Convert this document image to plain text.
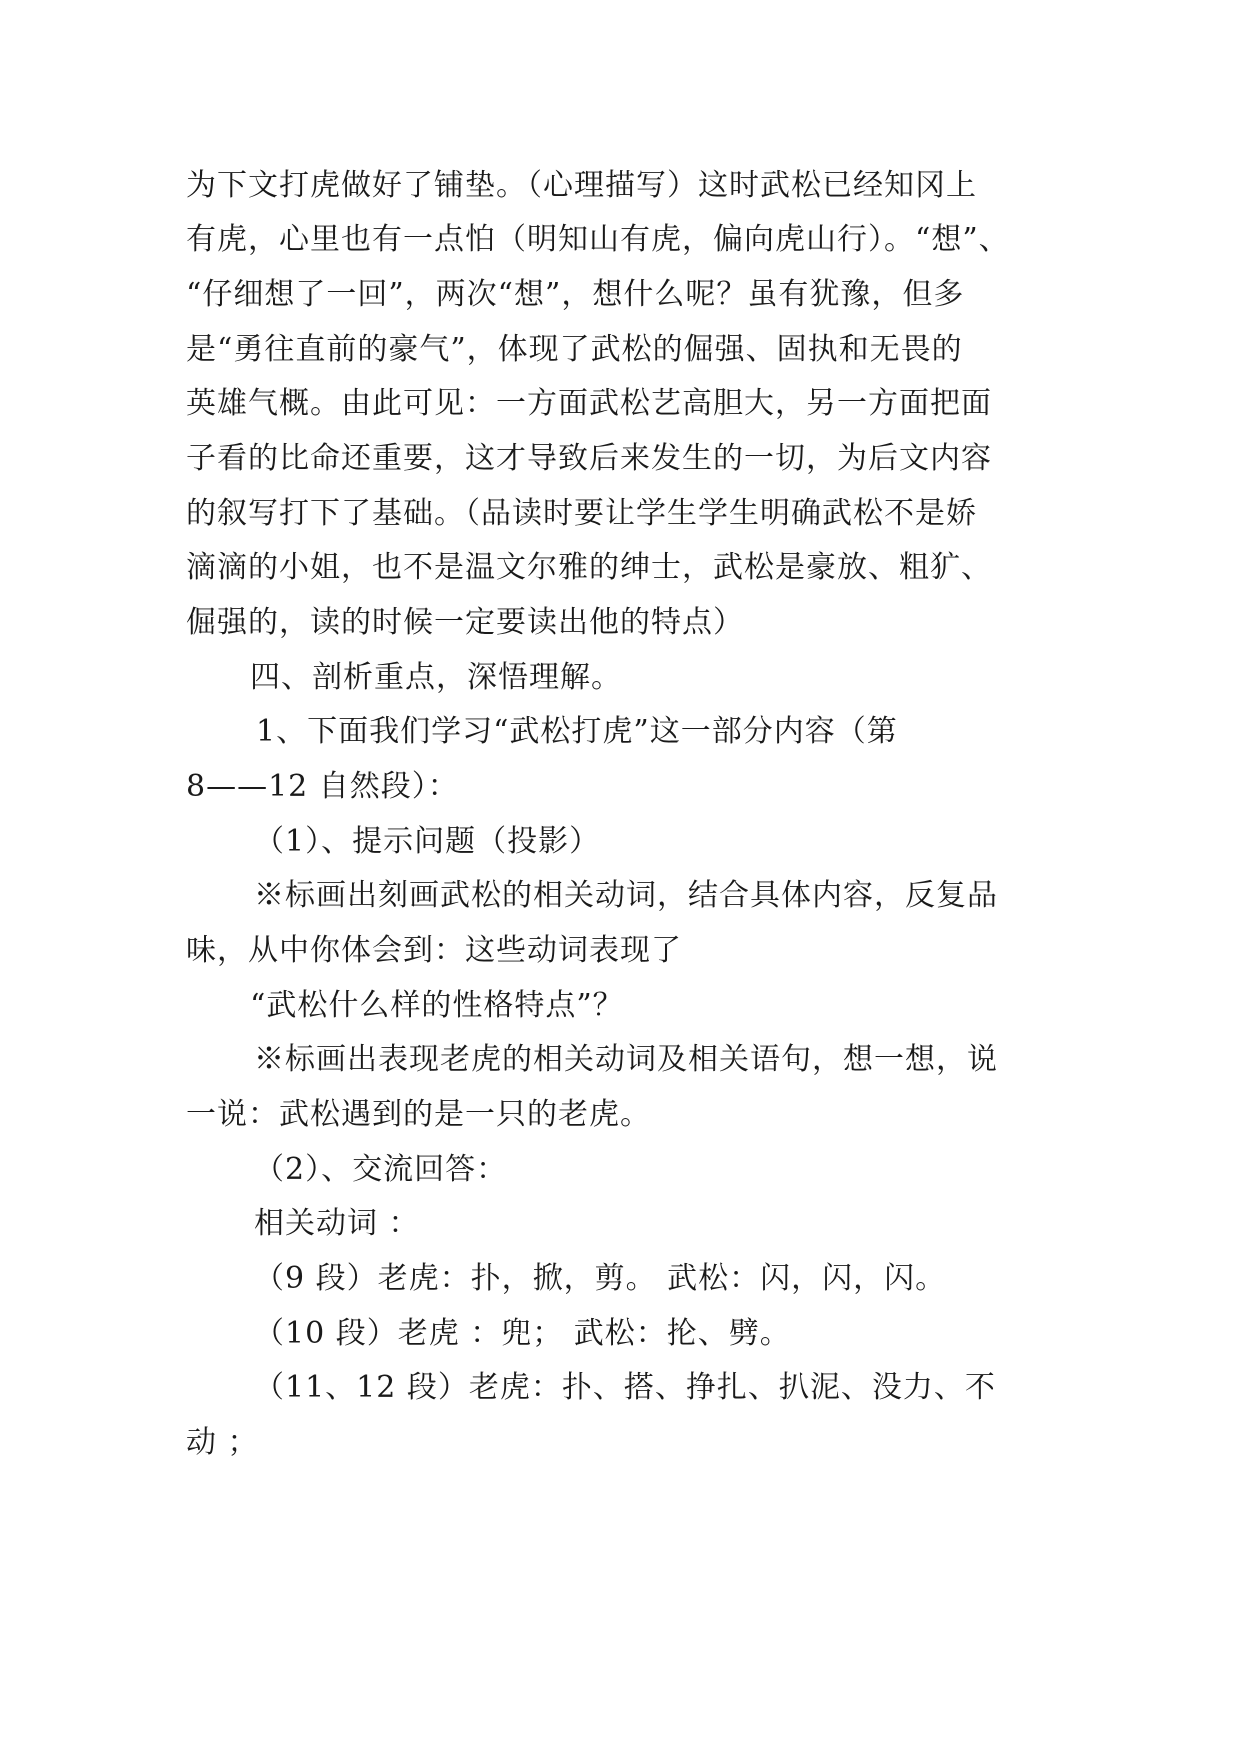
为下文打虎做好了铺垫。（心理描写）这时武松已经知冈上
有虎，心里也有一点怕（明知山有虎，偏向虎山行）。“想”、
“仔细想了一回”，两次“想”，想什么呢？虽有犹豫，但多
是“勇往直前的豪气”，体现了武松的倔强、固执和无畏的
英雄气概。由此可见：一方面武松艺高胆大，另一方面把面
子看的比命还重要，这才导致后来发生的一切，为后文内容
的叙写打下了基础。（品读时要让学生学生明确武松不是娇
滴滴的小姐，也不是温文尔雅的绅士，武松是豪放、粗犷、
倔强的，读的时候一定要读出他的特点）
四、剖析重点，深悟理解。
1、下面我们学习“武松打虎”这一部分内容（第
8——12 自然段）：
（1）、提示问题（投影）
※标画出刻画武松的相关动词，结合具体内容，反复品
味，从中你体会到：这些动词表现了
“武松什么样的性格特点”？
※标画出表现老虎的相关动词及相关语句，想一想，说
一说：武松遇到的是一只的老虎。
（2）、交流回答：
相关动词 ：
（9 段）老虎：扑，掀，剪。 武松：闪，闪，闪。
（10 段）老虎 ：兜； 武松：抡、劈。
（11、12 段）老虎：扑、搭、挣扎、扒泥、没力、不
动 ；
